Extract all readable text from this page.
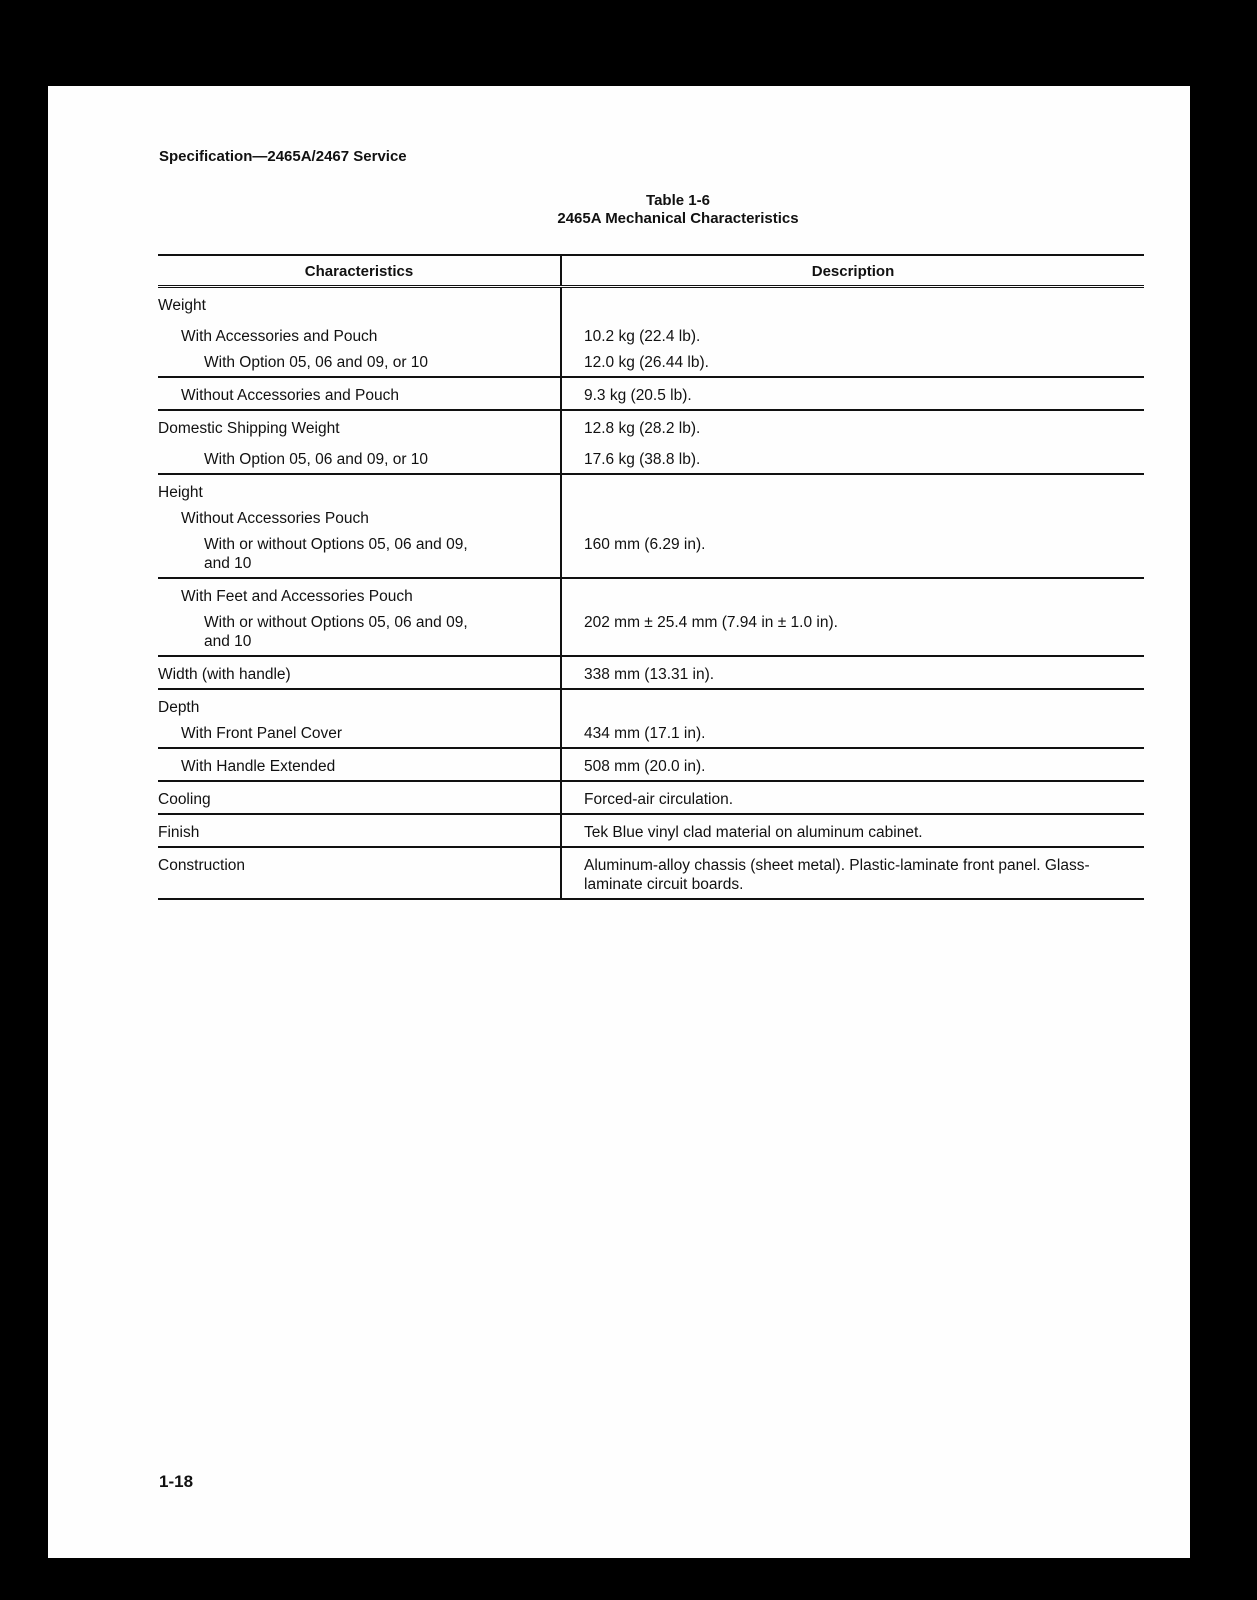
Specification—2465A/2467 Service
Table 1-6
2465A Mechanical Characteristics
Characteristics	Description

Weight	

With Accessories and Pouch	10.2 kg (22.4 lb).

With Option 05, 06 and 09, or 10	12.0 kg (26.44 lb).

Without Accessories and Pouch	9.3 kg (20.5 lb).

Domestic Shipping Weight	12.8 kg (28.2 lb).

With Option 05, 06 and 09, or 10	17.6 kg (38.8 lb).

Height	

Without Accessories Pouch	

With or without Options 05, 06 and 09, and 10	160 mm (6.29 in).

With Feet and Accessories Pouch	

With or without Options 05, 06 and 09, and 10	202 mm ± 25.4 mm (7.94 in ± 1.0 in).

Width (with handle)	338 mm (13.31 in).

Depth	

With Front Panel Cover	434 mm (17.1 in).

With Handle Extended	508 mm (20.0 in).

Cooling	Forced-air circulation.

Finish	Tek Blue vinyl clad material on aluminum cabinet.

Construction	Aluminum-alloy chassis (sheet metal). Plastic-laminate front panel. Glass-laminate circuit boards.
1-18
